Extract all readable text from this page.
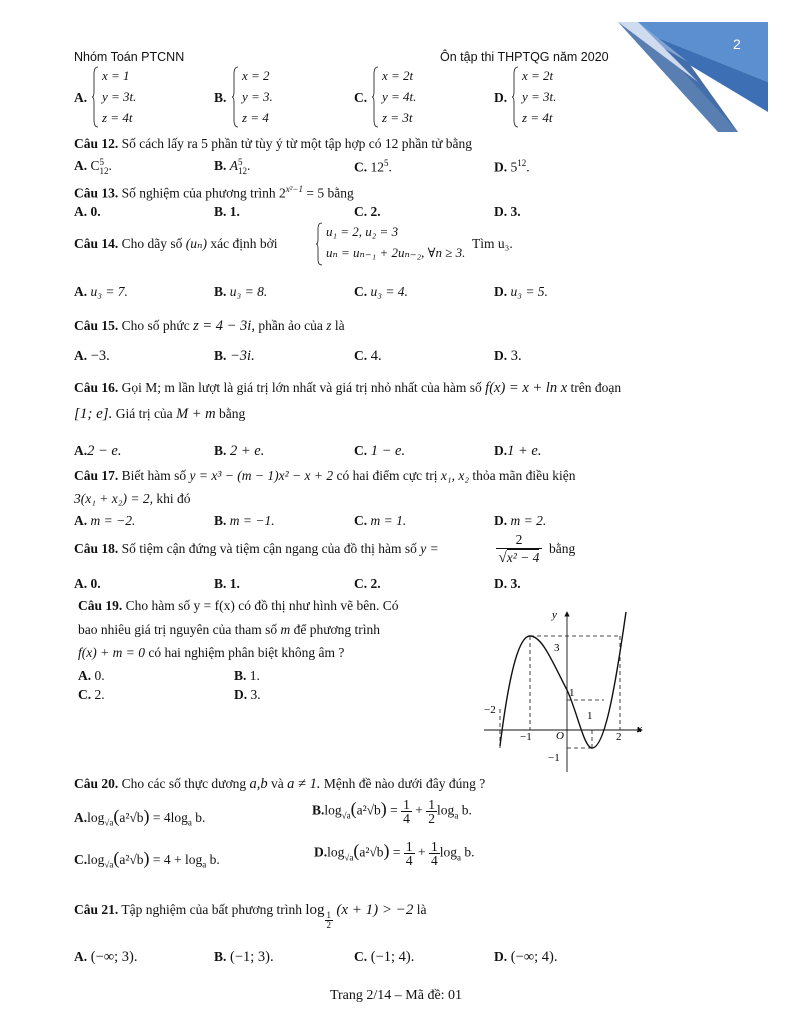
2
Nhóm Toán PTCNN	Ôn tập thi THPTQG năm 2020
A.
x = 1
y = 3t.
z = 4t
B.
x = 2
y = 3.
z = 4
C.
x = 2t
y = 4t.
z = 3t
D.
x = 2t
y = 3t.
z = 4t
Câu 12. Số cách lấy ra 5 phần tử tùy ý từ một tập hợp có 12 phần tử bằng
A. C 5
12 .	B. A 5
12 .	C. $12^5$.	D. $5^{12}$.
Câu 13. Số nghiệm của phương trình $2^{x^2-1} = 5$ bằng
A. 0.	B. 1.	C. 2.	D. 3.
Câu 14. Cho dãy số (uₙ) xác định bởi
u₁ = 2, u₂ = 3
uₙ = uₙ₋₁ + 2uₙ₋₂, ∀n ≥ 3.
Tìm u₃.
A. u₃ = 7.	B. u₃ = 8.	C. u₃ = 4.	D. u₃ = 5.
Câu 15. Cho số phức z = 4 − 3i, phần ảo của z là
A. −3.	B. −3i.	C. 4.	D. 3.
Câu 16. Gọi M; m lần lượt là giá trị lớn nhất và giá trị nhỏ nhất của hàm số f(x) = x + ln x trên đoạn
[1; e]. Giá trị của M + m bằng
A.2 − e.	B. 2 + e.	C. 1 − e.	D.1 + e.
Câu 17. Biết hàm số y = x³ − (m − 1)x² − x + 2 có hai điểm cực trị x₁, x₂ thỏa mãn điều kiện
3(x₁ + x₂) = 2, khi đó
A. m = −2.	B. m = −1.	C. m = 1.	D. m = 2.
Câu 18. Số tiệm cận đứng và tiệm cận ngang của đồ thị hàm số y =
2
√x² − 4
bằng
A. 0.	B. 1.	C. 2.	D. 3.
Câu 19. Cho hàm số y = f(x) có đồ thị như hình vẽ bên. Có
bao nhiêu giá trị nguyên của tham số m để phương trình
f(x) + m = 0 có hai nghiệm phân biệt không âm ?
A. 0.	B. 1.
C. 2.	D. 3.
y
x
O
−2
−1
1
2
3
1
−1
Câu 20. Cho các số thực dương a,b và a ≠ 1. Mệnh đề nào dưới đây đúng ?
$A.\log_{√a}(a^2√b) = 4\log_a$ b.	$B.\log_{√a}(a^2√b) = \frac{1}{4} + \frac{1}{2} \log_a b$.
$C.\log_{√a}(a^2√b) = 4 + \log_a b$.	$D.\log_{√a}(a^2√b) = \frac{1}{4} + \frac{1}{4} \log_a b$.
Câu 21. Tập nghiệm của bất phương trình log
$\frac{1}{2}$
(x + 1) > −2 là
A. (−∞; 3).	B. (−1; 3).	C. (−1; 4).	D. (−∞; 4).
Trang 2/14 – Mã đề: 01
